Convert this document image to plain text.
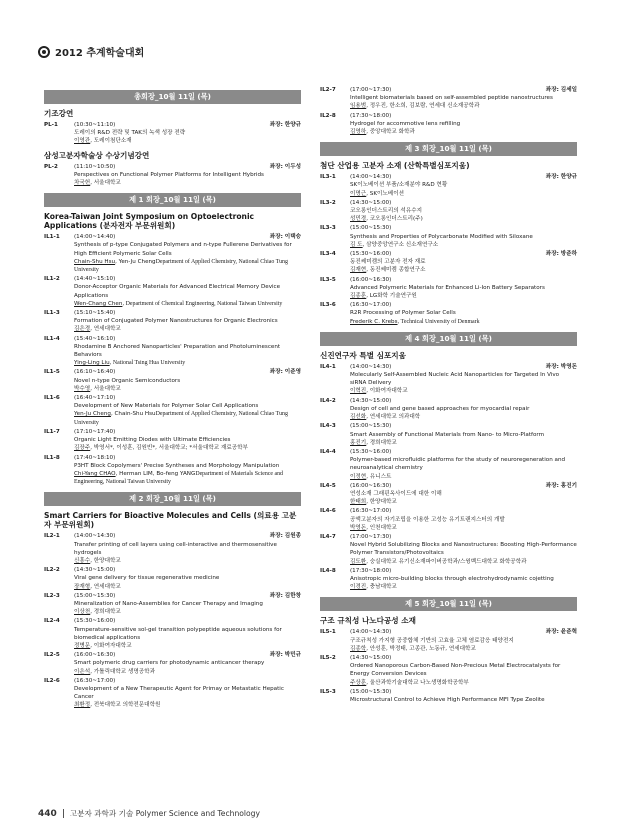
2012 추계학술대회
총회장_10월 11일 (목)
기조강연
PL-1	(10:30~11:10)	좌장: 한양규
도레이의 R&D 전략 및 TAK의 녹색 성장 전략
이영관, 도레이첨단소재
삼성고분자학술상 수상기념강연
PL-2	(11:10~10:50)	좌장: 이두성
Perspectives on Functional Polymer Platforms for Intelligent Hybrids
차국헌, 서울대학교
제 1 회장_10월 11일 (목)
Korea-Taiwan Joint Symposium on Optoelectronic Applications (분자전자 부문위원회)
IL1-1	(14:00~14:40)	좌장: 이택승
Synthesis of p-type Conjugated Polymers and n-type Fullerene Derivatives for High Efficient Polymeric Solar Cells
Chain-Shu Hsu, Yen-Ju ChengDepartment of Applied Chemistry, National Chiao Tung University
IL1-2	(14:40~15:10)
Donor-Acceptor Organic Materials for Advanced Electrical Memory Device Applications
Wen-Chang Chen, Department of Chemical Engineering, National Taiwan University
IL1-3	(15:10~15:40)
Formation of Conjugated Polymer Nanostructures for Organic Electronics
김은경, 연세대학교
IL1-4	(15:40~16:10)
Rhodamine B Anchored Nanoparticles' Preparation and Photoluminescent Behaviors
Ying-Ling Liu, National Tsing Hua University
IL1-5	(16:10~16:40)	좌장: 이준영
Novel n-type Organic Semiconductors
박수영, 서울대학교
IL1-6	(16:40~17:10)
Development of New Materials for Polymer Solar Cell Applications
Yen-Ju Cheng, Chain-Shu HsuDepartment of Applied Chemistry, National Chiao Tung University
IL1-7	(17:10~17:40)
Organic Light Emitting Diodes with Ultimate Efficiencies
김장주, 박영서*, 이성훈, 김원빈*, 서울대학교; *서울대학교 재료공학부
IL1-8	(17:40~18:10)
P3HT Block Copolymers' Precise Syntheses and Morphology Manipulation
Chi-Yang CHAO, Herman LIM, Bo-feng YANGDepartment of Materials Science and Engineering, National Taiwan University
제 2 회장_10월 11일 (목)
Smart Carriers for Bioactive Molecules and Cells (의료용 고분자 부문위원회)
IL2-1	(14:00~14:30)	좌장: 김원종
Transfer printing of cell layers using cell-interactive and thermosensitive hydrogels
신흥수, 한양대학교
IL2-2	(14:30~15:00)
Viral gene delivery for tissue regenerative medicine
장재형, 연세대학교
IL2-3	(15:00~15:30)	좌장: 김한창
Mineralization of Nano-Assemblies for Cancer Therapy and Imaging
이상천, 경희대학교
IL2-4	(15:30~16:00)
Temperature-sensitive sol-gel transition polypeptide aqueous solutions for biomedical applications
정병문, 이화여자대학교
IL2-5	(16:00~16:30)	좌장: 박민규
Smart polymeric drug carriers for photodynamic anticancer therapy
이은석, 가톨릭대학교 생명공학과
IL2-6	(16:30~17:00)
Development of a New Therapeutic Agent for Primay or Metastatic Hepatic Cancer
최환정, 전북대학교 의학전문대학원
IL2-7	(17:00~17:30)	좌장: 김세일
Intelligent biomaterials based on self-assembled peptide nanostructures
임용범, 정우진, 한소희, 김보람, 연세대 신소재공학과
IL2-8	(17:30~18:00)
Hydrogel for accommotive lens refilling
김영하, 중앙대학교 화학과
제 3 회장_10월 11일 (목)
첨단 산업용 고분자 소재 (산학특별심포지움)
IL3-1	(14:00~14:30)	좌장: 한양규
SK이노베이션 부품/소재분야 R&D 현황
이명근, SK이노베이션
IL3-2	(14:30~15:00)
코오롱인더스트리의 석유수지
성민경, 코오롱인더스트리(주)
IL3-3	(15:00~15:30)
Synthesis and Properties of Polycarbonate Modified with Siloxane
김 도, 삼양중앙연구소 신소재연구소
IL3-4	(15:30~16:00)	좌장: 방준하
동진쎄미켐의 고분자 전자 재료
김재현, 동진쎄미켐 종합연구소
IL3-5	(16:00~16:30)
Advanced Polymeric Materials for Enhanced Li-Ion Battery Separators
김종훈, LG화학 기술연구원
IL3-6	(16:30~17:00)
R2R Processing of Polymer Solar Cells
Frederik C. Krebs, Technical University of Denmark
제 4 회장_10월 11일 (목)
신진연구자 특별 심포지움
IL4-1	(14:00~14:30)	좌장: 박영돈
Molecularly Self-Assembled Nucleic Acid Nanoparticles for Targeted In Vivo siRNA Delivery
이혁진, 이화여자대학교
IL4-2	(14:30~15:00)
Design of cell and gene based approaches for myocardial repair
김선화, 연세대학교 의과대학
IL4-3	(15:00~15:30)
Smart Assembly of Functional Materials from Nano- to Micro-Platform
홍진기, 경희대학교
IL4-4	(15:30~16:00)
Polymer-based microfluidic platforms for the study of neuroregeneration and neuroanalytical chemistry
이정현, 유니스트
IL4-5	(16:00~16:30)	좌장: 홍진기
연성소재 그래핀옥사이드에 대한 이해
한태희, 한양대학교
IL4-6	(16:30~17:00)
공액고분자의 자기조립을 이용한 고성능 유기트랜지스터의 개발
박영돈, 인천대학교
IL4-7	(17:00~17:30)
Novel Hybrid Solubilizing Blocks and Nanostructures: Boosting High-Performance Polymer Transistors/Photovoltaics
김도환, 숭실대학교 유기신소재파이버공학과/스윙벡드대학교 화학공학과
IL4-8	(17:30~18:00)
Anisotropic micro-building blocks through electrohydrodynamic cojetting
이경진, 충남대학교
제 5 회장_10월 11일 (목)
구조 규칙성 나노다공성 소재
IL5-1	(14:00~14:30)	좌장: 윤준혁
구조규칙성 가지형 공중합체 기반의 고효율 고체 염료감응 태양전지
김종학, 안성훈, 박정태, 고종관, 노동규, 연세대학교
IL5-2	(14:30~15:00)
Ordered Nanoporous Carbon-Based Non-Precious Metal Electrocatalysts for Energy Conversion Devices
주상훈, 울산과학기술대학교 나노생명화학공학부
IL5-3	(15:00~15:30)
Microstructural Control to Achieve High Performance MFI Type Zeolite
440 고분자 과학과 기술 Polymer Science and Technology
